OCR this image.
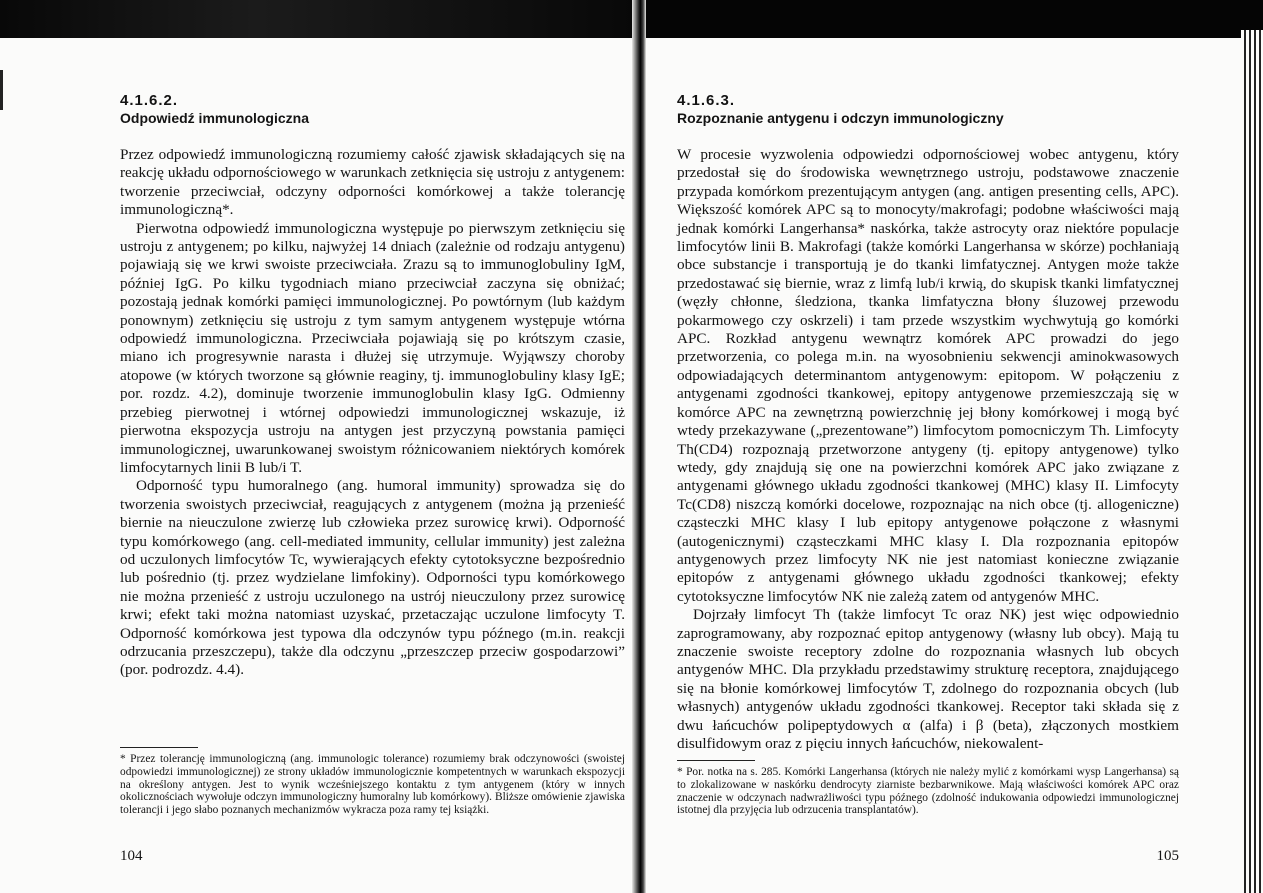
4.1.6.2.
Odpowiedź immunologiczna

Przez odpowiedź immunologiczną rozumiemy całość zjawisk składających się na reakcję układu odpornościowego w warunkach zetknięcia się ustroju z antygenem: tworzenie przeciwciał, odczyny odporności komórkowej a także tolerancję immunologiczną*.

Pierwotna odpowiedź immunologiczna występuje po pierwszym zetknięciu się ustroju z antygenem; po kilku, najwyżej 14 dniach (zależnie od rodzaju antygenu) pojawiają się we krwi swoiste przeciwciała. Zrazu są to immunoglobuliny IgM, później IgG. Po kilku tygodniach miano przeciwciał zaczyna się obniżać; pozostają jednak komórki pamięci immunologicznej. Po powtórnym (lub każdym ponownym) zetknięciu się ustroju z tym samym antygenem występuje wtórna odpowiedź immunologiczna. Przeciwciała pojawiają się po krótszym czasie, miano ich progresywnie narasta i dłużej się utrzymuje. Wyjąwszy choroby atopowe (w których tworzone są głównie reaginy, tj. immunoglobuliny klasy IgE; por. rozdz. 4.2), dominuje tworzenie immunoglobulin klasy IgG. Odmienny przebieg pierwotnej i wtórnej odpowiedzi immunologicznej wskazuje, iż pierwotna ekspozycja ustroju na antygen jest przyczyną powstania pamięci immunologicznej, uwarunkowanej swoistym różnicowaniem niektórych komórek limfocytarnych linii B lub/i T.

Odporność typu humoralnego (ang. humoral immunity) sprowadza się do tworzenia swoistych przeciwciał, reagujących z antygenem (można ją przenieść biernie na nieuczulone zwierzę lub człowieka przez surowicę krwi). Odporność typu komórkowego (ang. cell-mediated immunity, cellular immunity) jest zależna od uczulonych limfocytów Tc, wywierających efekty cytotoksyczne bezpośrednio lub pośrednio (tj. przez wydzielane limfokiny). Odporności typu komórkowego nie można przenieść z ustroju uczulonego na ustrój nieuczulony przez surowicę krwi; efekt taki można natomiast uzyskać, przetaczając uczulone limfocyty T. Odporność komórkowa jest typowa dla odczynów typu późnego (m.in. reakcji odrzucania przeszczepu), także dla odczynu „przeszczep przeciw gospodarzowi” (por. podrozdz. 4.4).

* Przez tolerancję immunologiczną (ang. immunologic tolerance) rozumiemy brak odczynowości (swoistej odpowiedzi immunologicznej) ze strony układów immunologicznie kompetentnych w warunkach ekspozycji na określony antygen. Jest to wynik wcześniejszego kontaktu z tym antygenem (który w innych okolicznościach wywołuje odczyn immunologiczny humoralny lub komórkowy). Bliższe omówienie zjawiska tolerancji i jego słabo poznanych mechanizmów wykracza poza ramy tej książki.
104
4.1.6.3.
Rozpoznanie antygenu i odczyn immunologiczny

W procesie wyzwolenia odpowiedzi odpornościowej wobec antygenu, który przedostał się do środowiska wewnętrznego ustroju, podstawowe znaczenie przypada komórkom prezentującym antygen (ang. antigen presenting cells, APC). Większość komórek APC są to monocyty/makrofagi; podobne właściwości mają jednak komórki Langerhansa* naskórka, także astrocyty oraz niektóre populacje limfocytów linii B. Makrofagi (także komórki Langerhansa w skórze) pochłaniają obce substancje i transportują je do tkanki limfatycznej. Antygen może także przedostawać się biernie, wraz z limfą lub/i krwią, do skupisk tkanki limfatycznej (węzły chłonne, śledziona, tkanka limfatyczna błony śluzowej przewodu pokarmowego czy oskrzeli) i tam przede wszystkim wychwytują go komórki APC. Rozkład antygenu wewnątrz komórek APC prowadzi do jego przetworzenia, co polega m.in. na wyosobnieniu sekwencji aminokwasowych odpowiadających determinantom antygenowym: epitopom. W połączeniu z antygenami zgodności tkankowej, epitopy antygenowe przemieszczają się w komórce APC na zewnętrzną powierzchnię jej błony komórkowej i mogą być wtedy przekazywane („prezentowane”) limfocytom pomocniczym Th. Limfocyty Th(CD4) rozpoznają przetworzone antygeny (tj. epitopy antygenowe) tylko wtedy, gdy znajdują się one na powierzchni komórek APC jako związane z antygenami głównego układu zgodności tkankowej (MHC) klasy II. Limfocyty Tc(CD8) niszczą komórki docelowe, rozpoznając na nich obce (tj. allogeniczne) cząsteczki MHC klasy I lub epitopy antygenowe połączone z własnymi (autogenicznymi) cząsteczkami MHC klasy I. Dla rozpoznania epitopów antygenowych przez limfocyty NK nie jest natomiast konieczne związanie epitopów z antygenami głównego układu zgodności tkankowej; efekty cytotoksyczne limfocytów NK nie zależą zatem od antygenów MHC.

Dojrzały limfocyt Th (także limfocyt Tc oraz NK) jest więc odpowiednio zaprogramowany, aby rozpoznać epitop antygenowy (własny lub obcy). Mają tu znaczenie swoiste receptory zdolne do rozpoznania własnych lub obcych antygenów MHC. Dla przykładu przedstawimy strukturę receptora, znajdującego się na błonie komórkowej limfocytów T, zdolnego do rozpoznania obcych (lub własnych) antygenów układu zgodności tkankowej. Receptor taki składa się z dwu łańcuchów polipeptydowych α (alfa) i β (beta), złączonych mostkiem disulfidowym oraz z pięciu innych łańcuchów, niekowalent-

* Por. notka na s. 285. Komórki Langerhansa (których nie należy mylić z komórkami wysp Langerhansa) są to zlokalizowane w naskórku dendrocyty ziarniste bezbarwnikowe. Mają właściwości komórek APC oraz znaczenie w odczynach nadwrażliwości typu późnego (zdolność indukowania odpowiedzi immunologicznej istotnej dla przyjęcia lub odrzucenia transplantatów).
105
